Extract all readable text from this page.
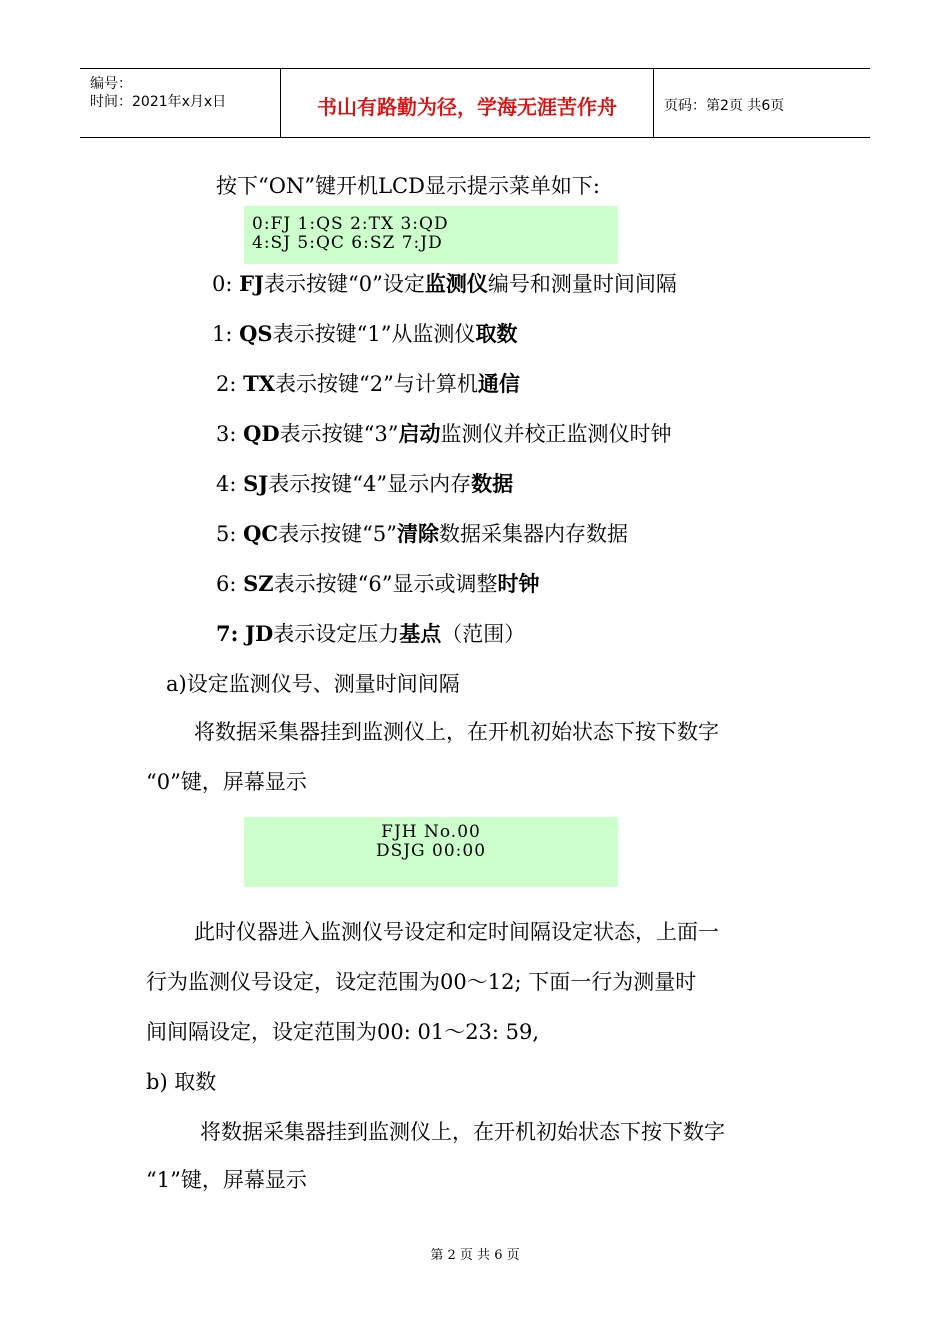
编号：
时间：2021年x月x日	书山有路勤为径，学海无涯苦作舟	页码：第2页 共6页
按下“ON”键开机LCD显示提示菜单如下:
0:FJ 1:QS 2:TX 3:QD
4:SJ 5:QC 6:SZ 7:JD
0: FJ表示按键“0”设定监测仪编号和测量时间间隔
1: QS表示按键“1”从监测仪取数
2: TX表示按键“2”与计算机通信
3: QD表示按键“3”启动监测仪并校正监测仪时钟
4: SJ表示按键“4”显示内存数据
5: QC表示按键“5”清除数据采集器内存数据
6: SZ表示按键“6”显示或调整时钟
7: JD表示设定压力基点（范围）
a)设定监测仪号、测量时间间隔
将数据采集器挂到监测仪上，在开机初始状态下按下数字
“0”键，屏幕显示
FJH No.00
DSJG 00:00
此时仪器进入监测仪号设定和定时间隔设定状态，上面一
行为监测仪号设定，设定范围为00～12; 下面一行为测量时
间间隔设定，设定范围为00: 01～23: 59,
b) 取数
将数据采集器挂到监测仪上，在开机初始状态下按下数字
“1”键，屏幕显示
第 2 页 共 6 页
